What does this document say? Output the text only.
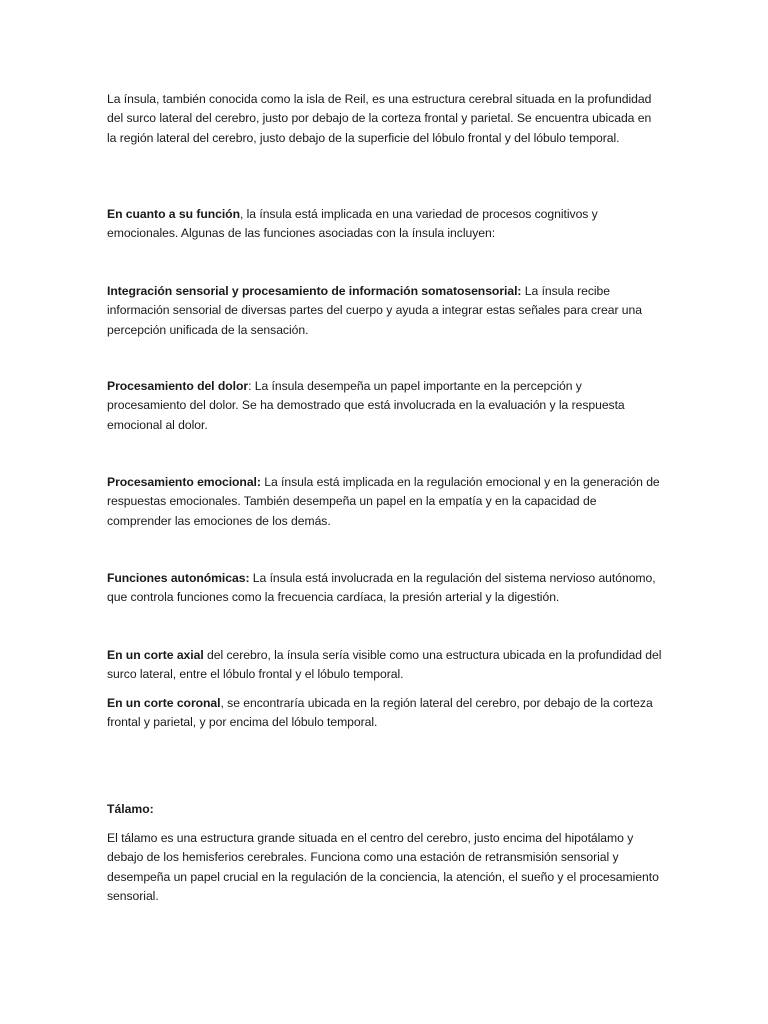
La ínsula, también conocida como la isla de Reil, es una estructura cerebral situada en la profundidad del surco lateral del cerebro, justo por debajo de la corteza frontal y parietal. Se encuentra ubicada en la región lateral del cerebro, justo debajo de la superficie del lóbulo frontal y del lóbulo temporal.

En cuanto a su función, la ínsula está implicada en una variedad de procesos cognitivos y emocionales. Algunas de las funciones asociadas con la ínsula incluyen:

Integración sensorial y procesamiento de información somatosensorial: La ínsula recibe información sensorial de diversas partes del cuerpo y ayuda a integrar estas señales para crear una percepción unificada de la sensación.

Procesamiento del dolor: La ínsula desempeña un papel importante en la percepción y procesamiento del dolor. Se ha demostrado que está involucrada en la evaluación y la respuesta emocional al dolor.

Procesamiento emocional: La ínsula está implicada en la regulación emocional y en la generación de respuestas emocionales. También desempeña un papel en la empatía y en la capacidad de comprender las emociones de los demás.

Funciones autonómicas: La ínsula está involucrada en la regulación del sistema nervioso autónomo, que controla funciones como la frecuencia cardíaca, la presión arterial y la digestión.

En un corte axial del cerebro, la ínsula sería visible como una estructura ubicada en la profundidad del surco lateral, entre el lóbulo frontal y el lóbulo temporal.

En un corte coronal, se encontraría ubicada en la región lateral del cerebro, por debajo de la corteza frontal y parietal, y por encima del lóbulo temporal.

Tálamo:

El tálamo es una estructura grande situada en el centro del cerebro, justo encima del hipotálamo y debajo de los hemisferios cerebrales. Funciona como una estación de retransmisión sensorial y desempeña un papel crucial en la regulación de la conciencia, la atención, el sueño y el procesamiento sensorial.
